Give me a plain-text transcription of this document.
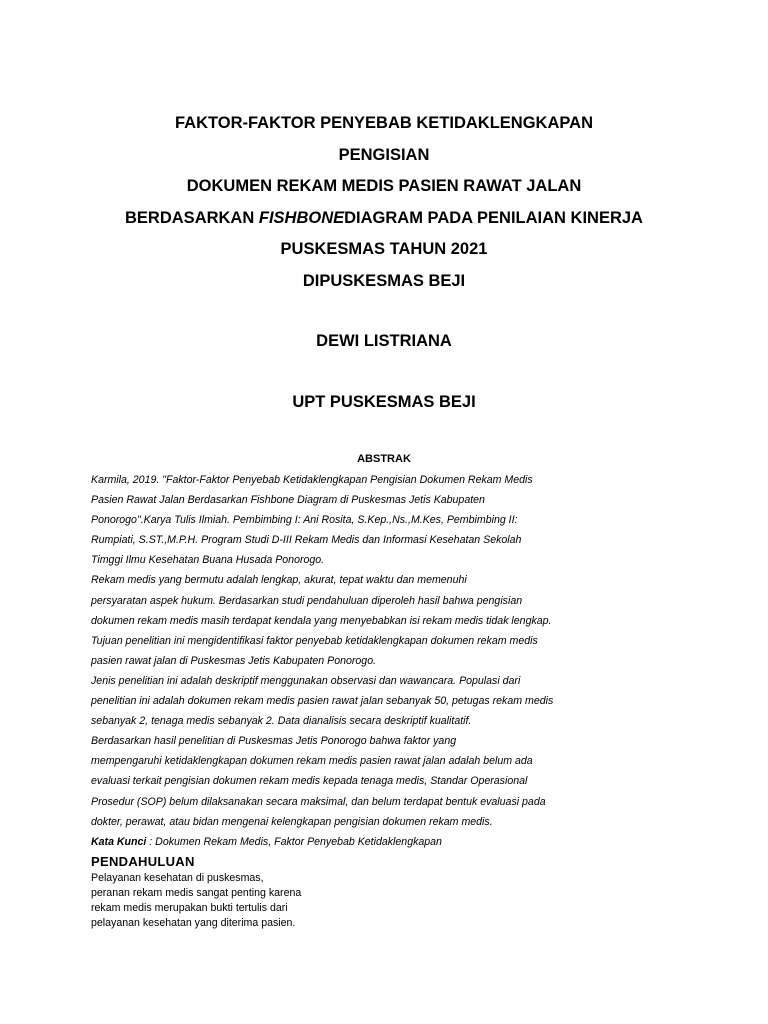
FAKTOR-FAKTOR PENYEBAB KETIDAKLENGKAPAN
PENGISIAN
DOKUMEN REKAM MEDIS PASIEN RAWAT JALAN
BERDASARKAN FISHBONEDIAGRAM PADA PENILAIAN KINERJA
PUSKESMAS TAHUN 2021
DIPUSKESMAS BEJI
DEWI LISTRIANA
UPT PUSKESMAS BEJI
ABSTRAK
Karmila, 2019. "Faktor-Faktor Penyebab Ketidaklengkapan Pengisian Dokumen Rekam Medis
Pasien Rawat Jalan Berdasarkan Fishbone Diagram di Puskesmas Jetis Kabupaten
Ponorogo".Karya Tulis Ilmiah. Pembimbing I: Ani Rosita, S.Kep.,Ns.,M.Kes, Pembimbing II:
Rumpiati, S.ST.,M.P.H. Program Studi D-III Rekam Medis dan Informasi Kesehatan Sekolah
Timggi Ilmu Kesehatan Buana Husada Ponorogo.
Rekam medis yang bermutu adalah lengkap, akurat, tepat waktu dan memenuhi
persyaratan aspek hukum. Berdasarkan studi pendahuluan diperoleh hasil bahwa pengisian
dokumen rekam medis masih terdapat kendala yang menyebabkan isi rekam medis tidak lengkap.
Tujuan penelitian ini mengidentifikasi faktor penyebab ketidaklengkapan dokumen rekam medis
pasien rawat jalan di Puskesmas Jetis Kabupaten Ponorogo.
Jenis penelitian ini adalah deskriptif menggunakan observasi dan wawancara. Populasi dari
penelitian ini adalah dokumen rekam medis pasien rawat jalan sebanyak 50, petugas rekam medis
sebanyak 2, tenaga medis sebanyak 2. Data dianalisis secara deskriptif kualitatif.
Berdasarkan hasil penelitian di Puskesmas Jetis Ponorogo bahwa faktor yang
mempengaruhi ketidaklengkapan dokumen rekam medis pasien rawat jalan adalah belum ada
evaluasi terkait pengisian dokumen rekam medis kepada tenaga medis, Standar Operasional
Prosedur (SOP) belum dilaksanakan secara maksimal, dan belum terdapat bentuk evaluasi pada
dokter, perawat, atau bidan mengenai kelengkapan pengisian dokumen rekam medis.
Kata Kunci : Dokumen Rekam Medis, Faktor Penyebab Ketidaklengkapan
PENDAHULUAN
Pelayanan kesehatan di puskesmas,
peranan rekam medis sangat penting karena
rekam medis merupakan bukti tertulis dari
pelayanan kesehatan yang diterima pasien.
